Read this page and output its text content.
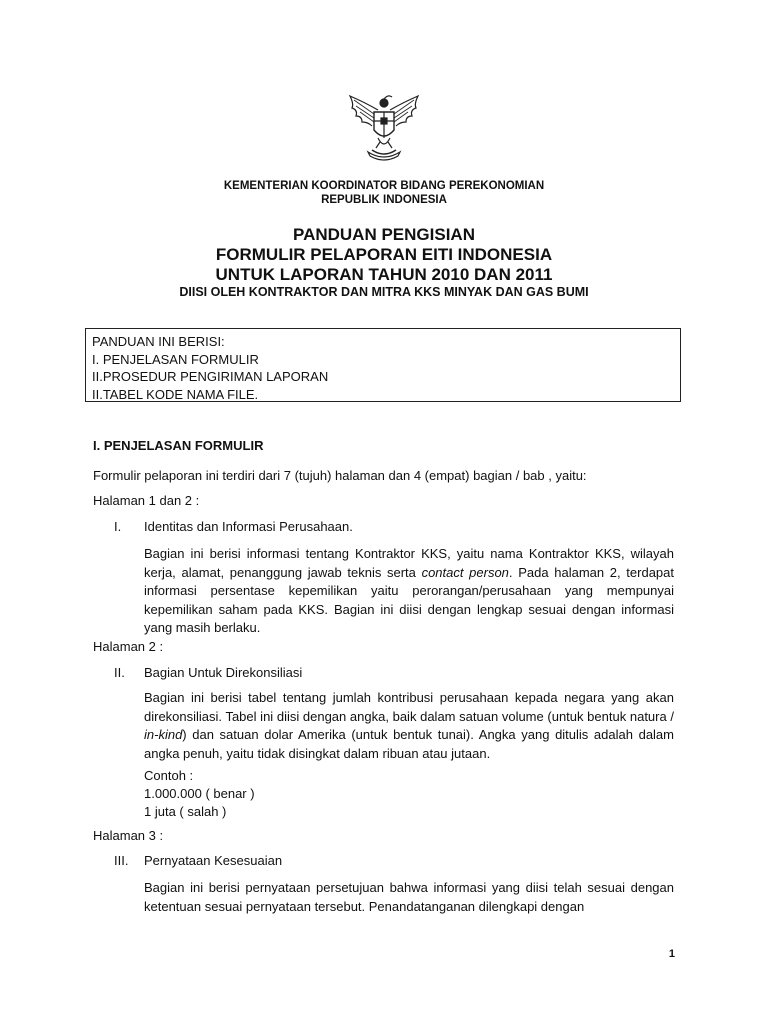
KEMENTERIAN KOORDINATOR BIDANG PEREKONOMIAN
REPUBLIK INDONESIA
PANDUAN PENGISIAN
FORMULIR PELAPORAN EITI INDONESIA
UNTUK LAPORAN TAHUN 2010 DAN 2011
DIISI OLEH KONTRAKTOR DAN MITRA KKS MINYAK DAN GAS BUMI
PANDUAN INI BERISI:
I. PENJELASAN FORMULIR
II.PROSEDUR PENGIRIMAN LAPORAN
II.TABEL KODE NAMA FILE.
I. PENJELASAN FORMULIR
Formulir pelaporan ini terdiri dari 7 (tujuh) halaman dan 4 (empat) bagian / bab , yaitu:
Halaman 1 dan 2 :
I. Identitas dan Informasi Perusahaan.
Bagian ini berisi informasi tentang Kontraktor KKS, yaitu nama Kontraktor KKS, wilayah kerja, alamat, penanggung jawab teknis serta contact person. Pada halaman 2, terdapat informasi persentase kepemilikan yaitu perorangan/perusahaan yang mempunyai kepemilikan saham pada KKS. Bagian ini diisi dengan lengkap sesuai dengan informasi yang masih berlaku.
Halaman 2 :
II. Bagian Untuk Direkonsiliasi
Bagian ini berisi tabel tentang jumlah kontribusi perusahaan kepada negara yang akan direkonsiliasi. Tabel ini diisi dengan angka, baik dalam satuan volume (untuk bentuk natura / in-kind) dan satuan dolar Amerika (untuk bentuk tunai). Angka yang ditulis adalah dalam angka penuh, yaitu tidak disingkat dalam ribuan atau jutaan.
Contoh :
1.000.000 ( benar )
1 juta ( salah )
Halaman 3 :
III. Pernyataan Kesesuaian
Bagian ini berisi pernyataan persetujuan bahwa informasi yang diisi telah sesuai dengan ketentuan sesuai pernyataan tersebut. Penandatanganan dilengkapi dengan
1
